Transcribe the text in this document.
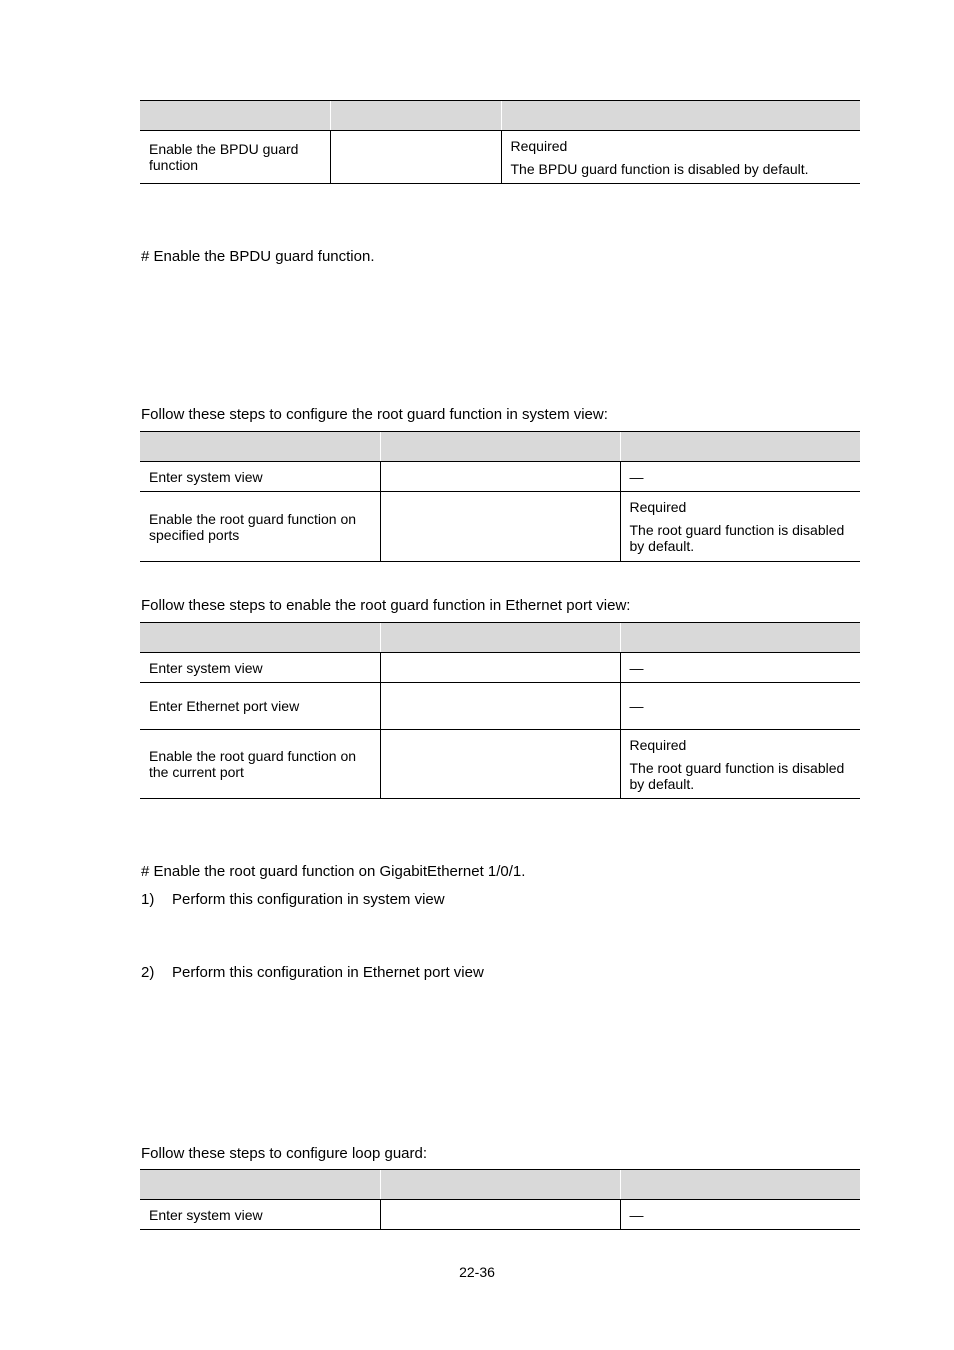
Enable the BPDU guard function		Required
The BPDU guard function is disabled by default.
# Enable the BPDU guard function.
Follow these steps to configure the root guard function in system view:

Enter system view		—
Enable the root guard function on specified ports		Required
The root guard function is disabled by default.
Follow these steps to enable the root guard function in Ethernet port view:

Enter system view		—
Enter Ethernet port view		—
Enable the root guard function on the current port		Required
The root guard function is disabled by default.
# Enable the root guard function on GigabitEthernet 1/0/1.
1) Perform this configuration in system view
2) Perform this configuration in Ethernet port view
Follow these steps to configure loop guard:

Enter system view		—
22-36
